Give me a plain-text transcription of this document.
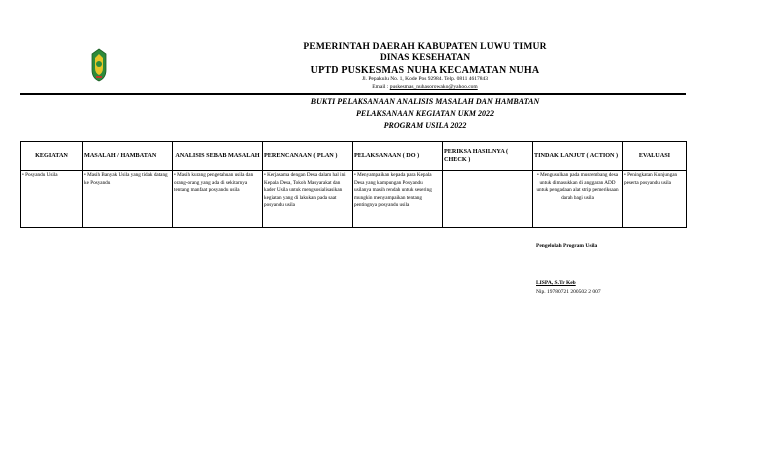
PEMERINTAH DAERAH KABUPATEN LUWU TIMUR
DINAS KESEHATAN
UPTD PUSKESMAS NUHA KECAMATAN NUHA
Jl. Pepakulu No. 1, Kode Pos 92984. Telp. 0811 4617843
Email : puskesmas_nuhasorowako@yahoo.com
BUKTI PELAKSANAAN ANALISIS MASALAH DAN HAMBATAN
PELAKSANAAN KEGIATAN UKM 2022
PROGRAM USILA 2022
KEGIATAN	MASALAH / HAMBATAN	ANALISIS SEBAB MASALAH	PERENCANAAN ( PLAN )	PELAKSANAAN ( DO )	PERIKSA HASILNYA ( CHECK )	TINDAK LANJUT ( ACTION )	EVALUASI
• Posyandu Usila	• Masih Banyak Usila yang tidak datang ke Posyandu	• Masih kurang pengetahuan usila dan orang-orang yang ada di sekitarnya tentang manfaat posyandu usila	• Kerjasama dengan Desa dalam hal ini Kepala Desa, Tokoh Masyarakat dan kader Usila untuk mengsosialisasikan kegiatan yang di lakukan pada saat posyandu usila	• Menyampaikan kepada para Kepala Desa yang kampungan Posyandu usilanya masih rendah untuk sesering mungkin menyampaikan tentang pentingnya posyandu usila		• Mengusulkan pada musrembang desa untuk dimasukkan di anggaran ADD untuk pengadaan alat strip pemeriksaan darah bagi usila	• Peningkatan Kunjungan peserta posyandu usila
Pengelolah Program Usila
LISPA, S.Tr Keb
Nip. 19780721 200502 2 007
